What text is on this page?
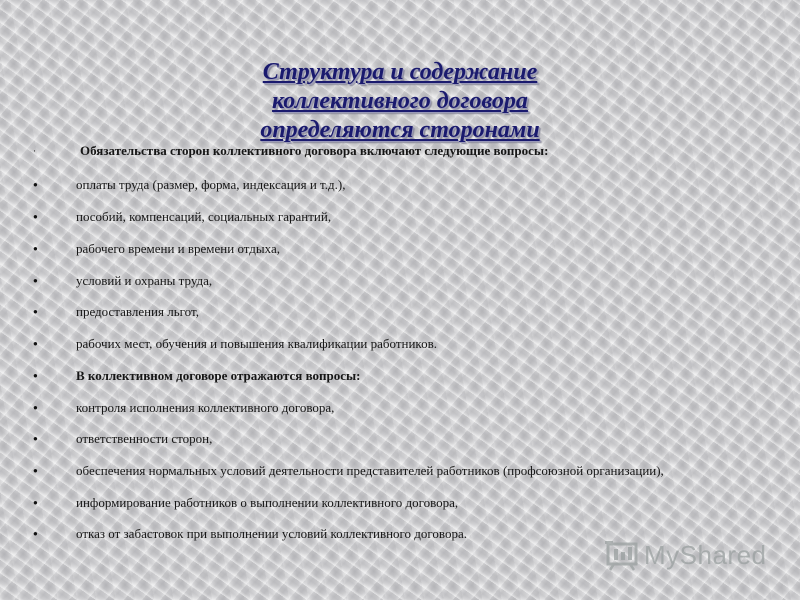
Структура и содержание
коллективного договора
определяются сторонами
·	Обязательства сторон коллективного договора включают следующие вопросы:
●	оплаты труда (размер, форма, индексация и т.д.),
●	пособий, компенсаций, социальных гарантий,
●	рабочего времени и времени отдыха,
●	условий и охраны труда,
●	предоставления льгот,
●	рабочих мест, обучения и повышения квалификации работников.
●	В коллективном договоре отражаются вопросы:
●	контроля исполнения коллективного договора,
●	ответственности сторон,
●	обеспечения нормальных условий деятельности представителей работников (профсоюзной организации),
●	информирование работников о выполнении коллективного договора,
●	отказ от забастовок при выполнении условий коллективного договора.
MyShared
